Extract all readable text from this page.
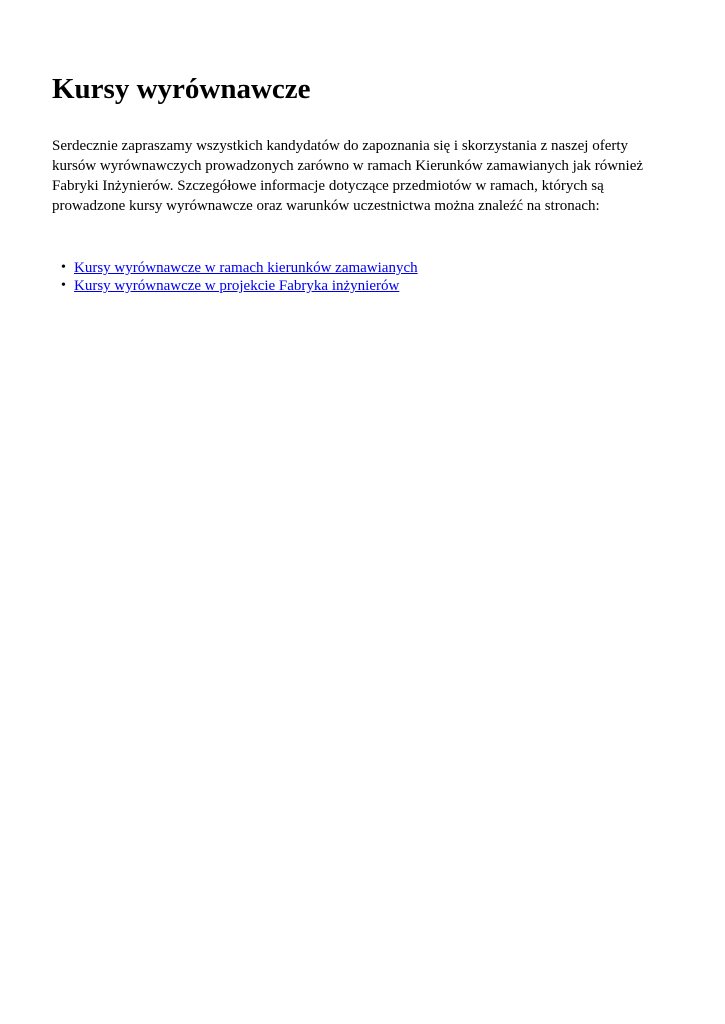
Kursy wyrównawcze

Serdecznie zapraszamy wszystkich kandydatów do zapoznania się i skorzystania z naszej oferty kursów wyrównawczych prowadzonych zarówno w ramach Kierunków zamawianych jak również Fabryki Inżynierów. Szczegółowe informacje dotyczące przedmiotów w ramach, których są prowadzone kursy wyrównawcze oraz warunków uczestnictwa można znaleźć na stronach:

• Kursy wyrównawcze w ramach kierunków zamawianych
• Kursy wyrównawcze w projekcie Fabryka inżynierów
